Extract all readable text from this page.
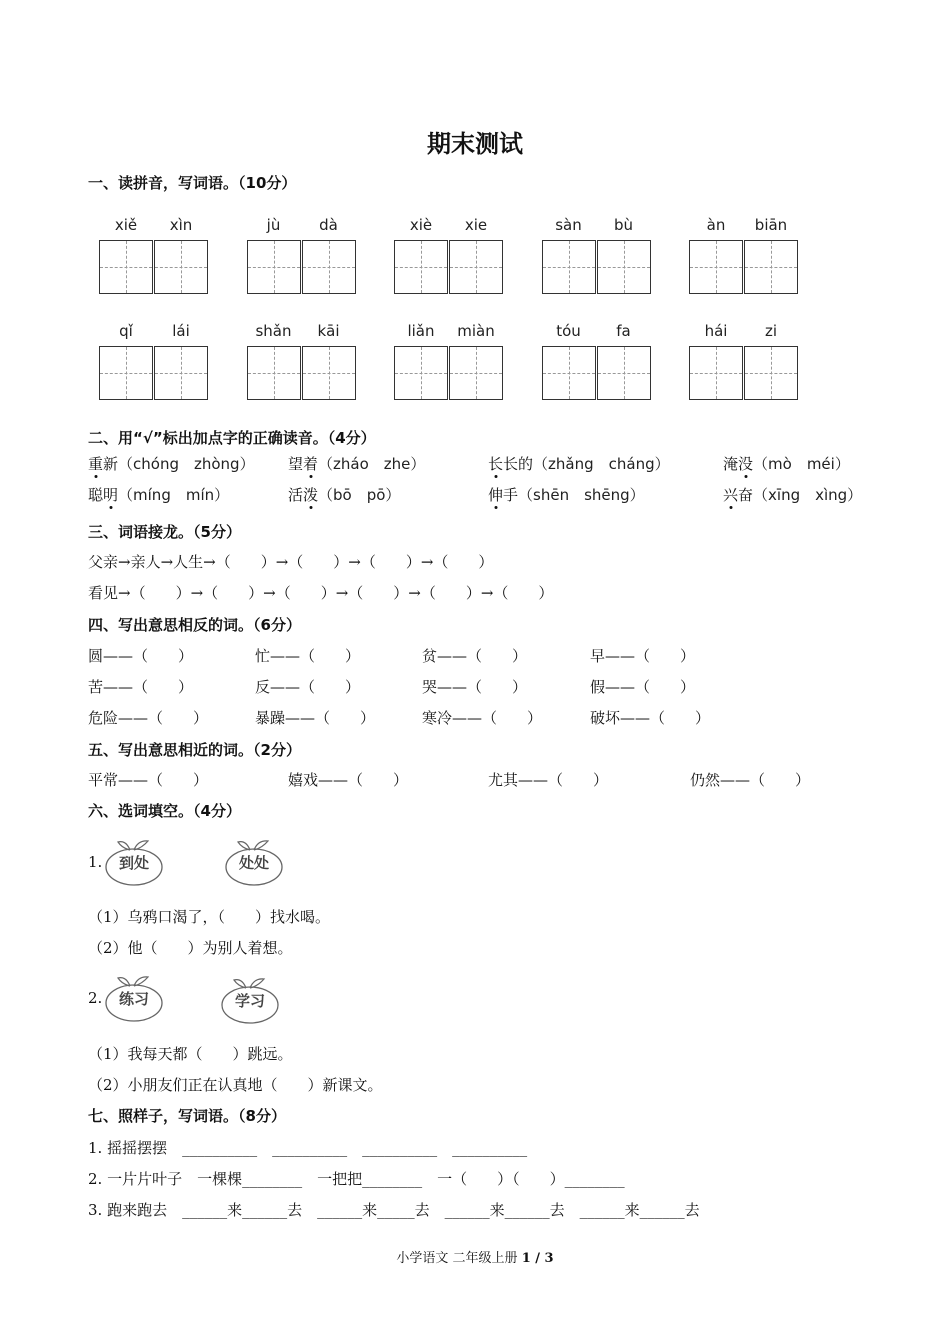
期末测试
一、读拼音，写词语。（10分）
xiě	xìn	jù	dà	xiè	xie	sàn	bù	àn	biān
qǐ	lái	shǎn	kāi	liǎn	miàn	tóu	fa	hái	zi
二、用“√”标出加点字的正确读音。（4分）
重新（chóng　zhòng） 望着（zháo　zhe）	长长的（zhǎng　cháng）	淹没（mò　méi）
聪明（míng　mín）	活泼（bō　pō）	伸手（shēn　shēng）	兴奋（xīng　xìng）
三、词语接龙。（5分）
父亲→亲人→人生→（　　）→（　　）→（　　）→（　　）
看见→（　　）→（　　）→（　　）→（　　）→（　　）→（　　）
四、写出意思相反的词。（6分）
圆——（　　）	忙——（　　）	贫——（　　）	早——（　　）
苦——（　　）	反——（　　）	哭——（　　）	假——（　　）
危险——（　　）	暴躁——（　　）	寒冷——（　　）	破坏——（　　）
五、写出意思相近的词。（2分）
平常——（　　）	嬉戏——（　　）	尤其——（　　）	仍然——（　　）
六、选词填空。（4分）
1.	到处	处处
（1）乌鸦口渴了，（　　）找水喝。
（2）他（　　）为别人着想。
2.	练习	学习
（1）我每天都（　　）跳远。
（2）小朋友们正在认真地（　　）新课文。
七、照样子，写词语。（8分）
1. 摇摇摆摆　__________　__________　__________　__________
2. 一片片叶子　一棵棵________　一把把________　一（　　）（　　）________
3. 跑来跑去　______来______去　______来_____去　______来______去　______来______去
小学语文 二年级上册 1 / 3
